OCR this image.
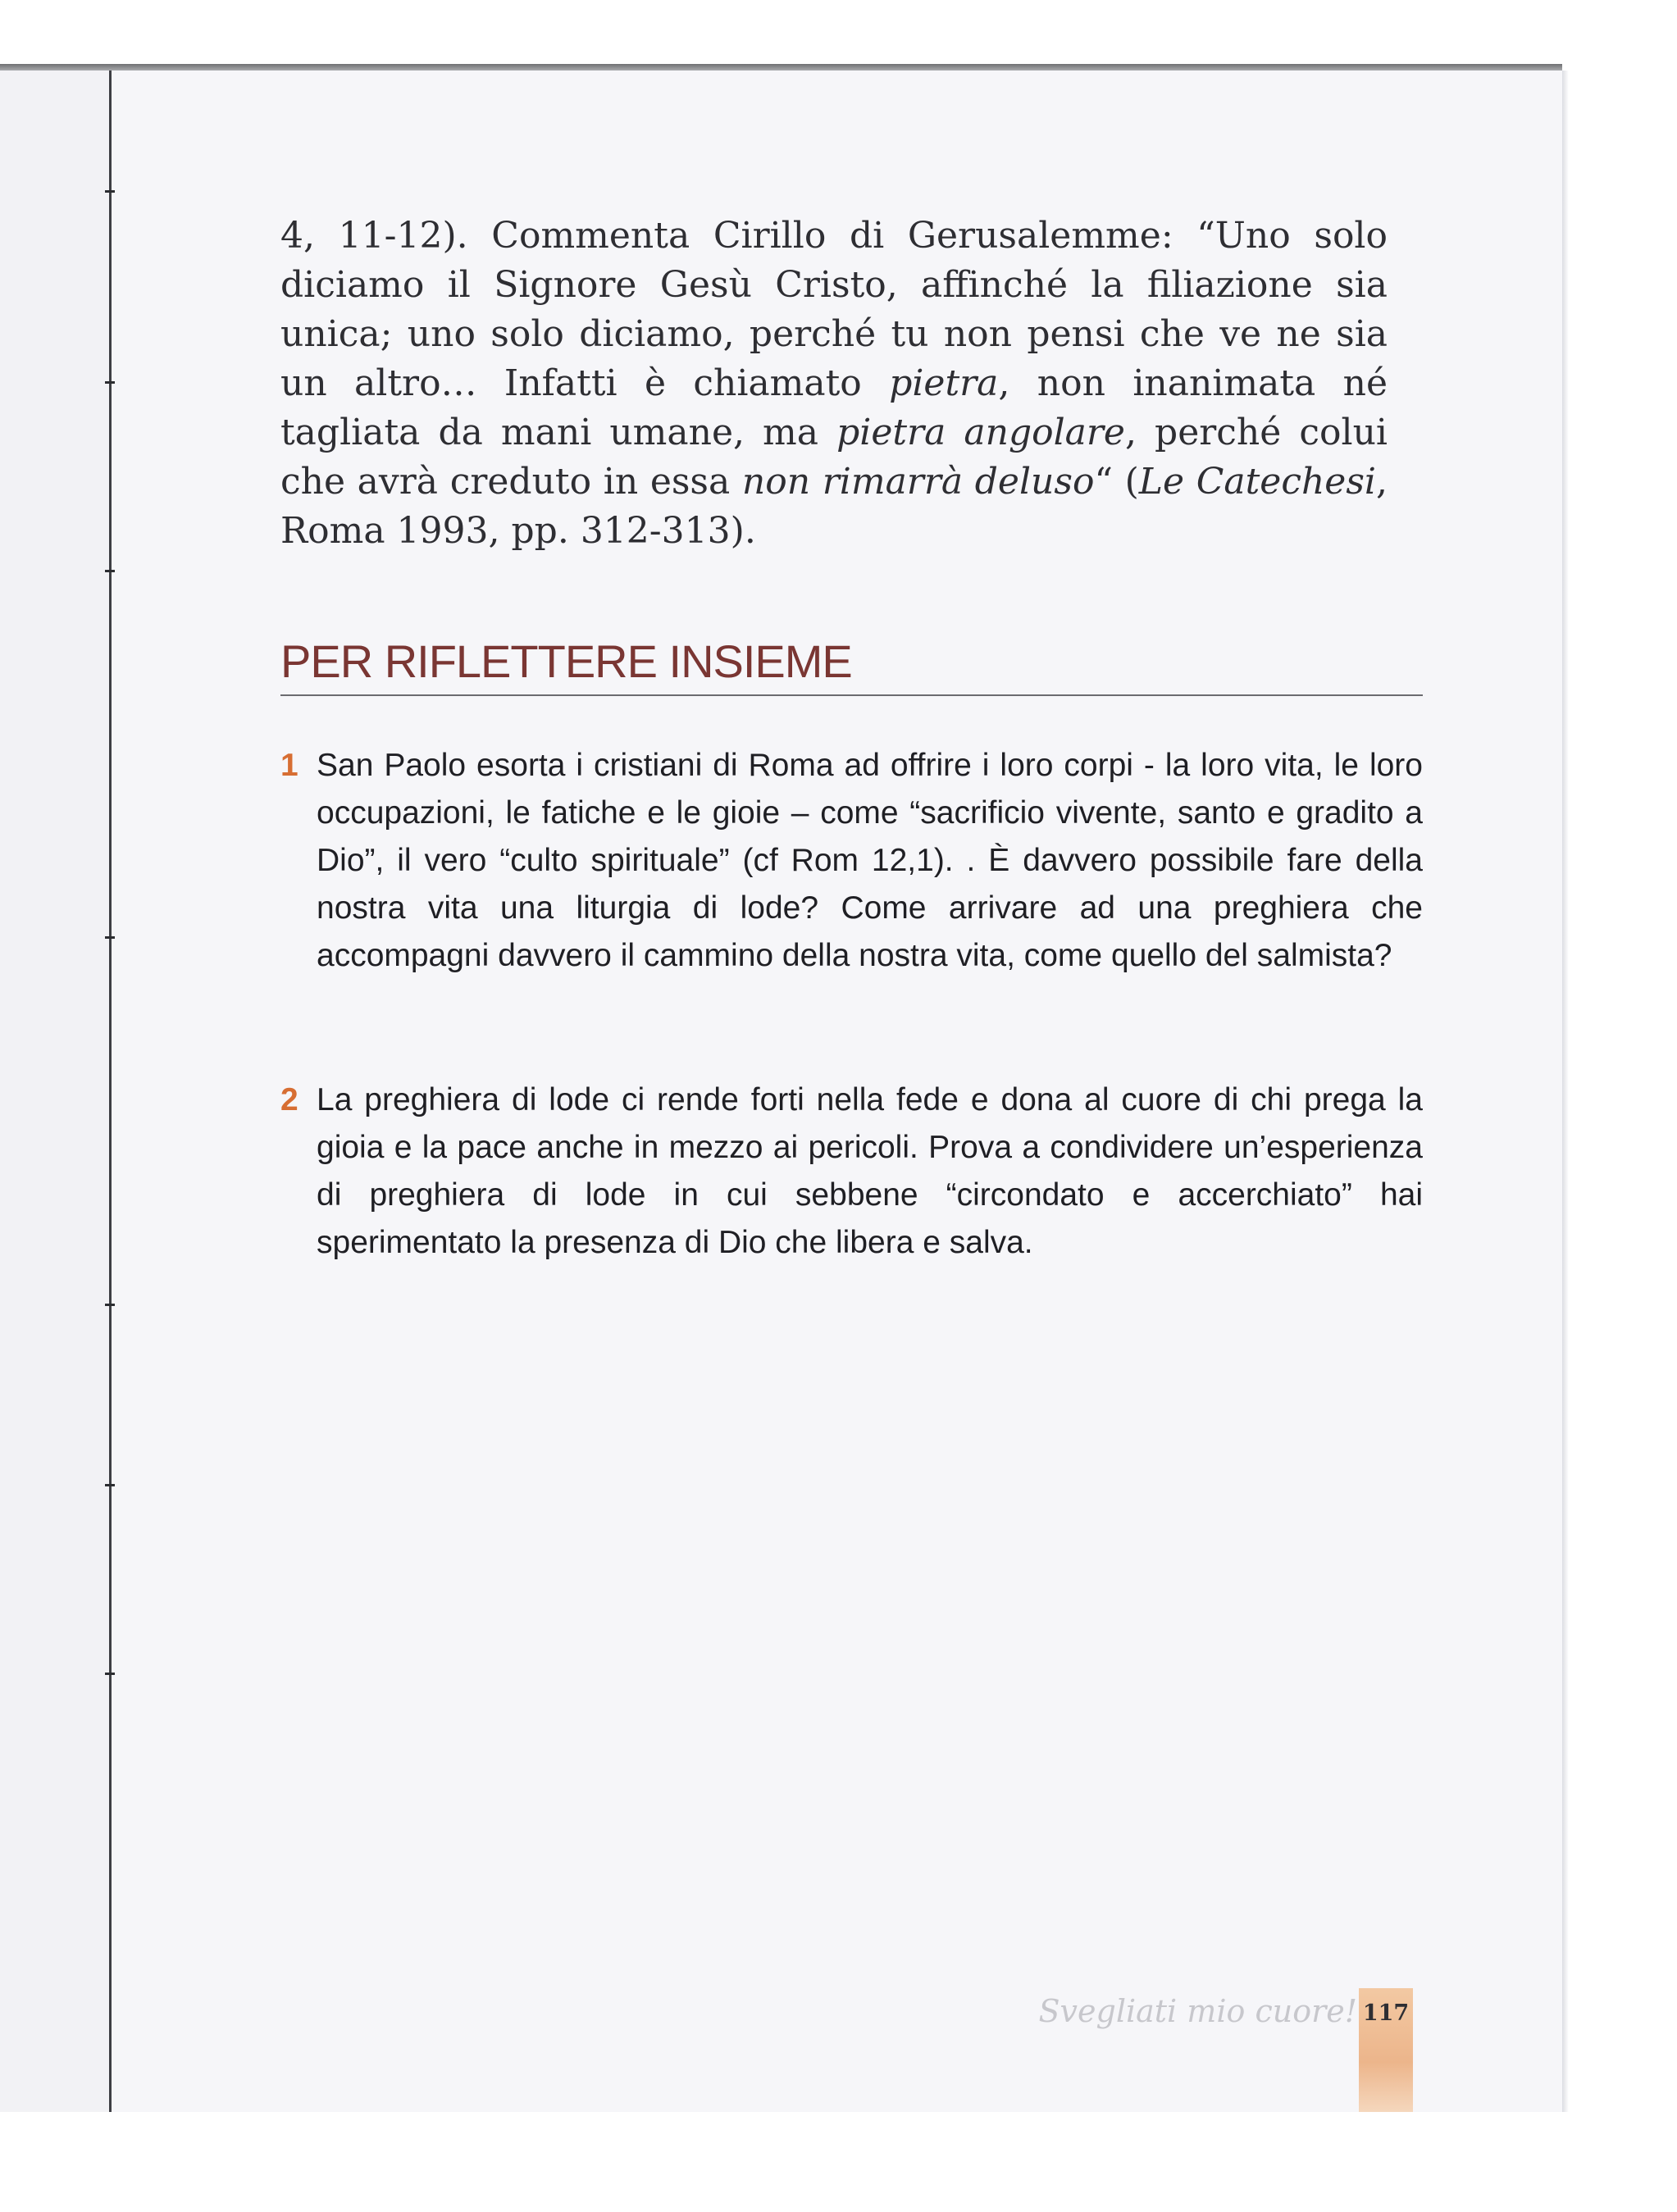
4, 11-12). Commenta Cirillo di Gerusalemme: “Uno solo diciamo il Signore Gesù Cristo, affinché la filiazione sia unica; uno solo diciamo, perché tu non pensi che ve ne sia un altro… Infatti è chiamato pietra, non inanimata né tagliata da mani umane, ma pietra angolare, perché colui che avrà creduto in essa non rimarrà deluso“ (Le Catechesi, Roma 1993, pp. 312-313).

PER RIFLETTERE INSIEME
1 San Paolo esorta i cristiani di Roma ad offrire i loro corpi - la loro vita, le loro occupazioni, le fatiche e le gioie – come “sacrificio vivente, santo e gradito a Dio”, il vero “culto spirituale” (cf Rom 12,1). . È davvero possibile fare della nostra vita una liturgia di lode? Come arrivare ad una preghiera che accompagni davvero il cammino della nostra vita, come quello del salmista?
2 La preghiera di lode ci rende forti nella fede e dona al cuore di chi prega la gioia e la pace anche in mezzo ai pericoli. Prova a condividere un’esperienza di preghiera di lode in cui sebbene “circondato e accerchiato” hai sperimentato la presenza di Dio che libera e salva.
Svegliati mio cuore! 117
